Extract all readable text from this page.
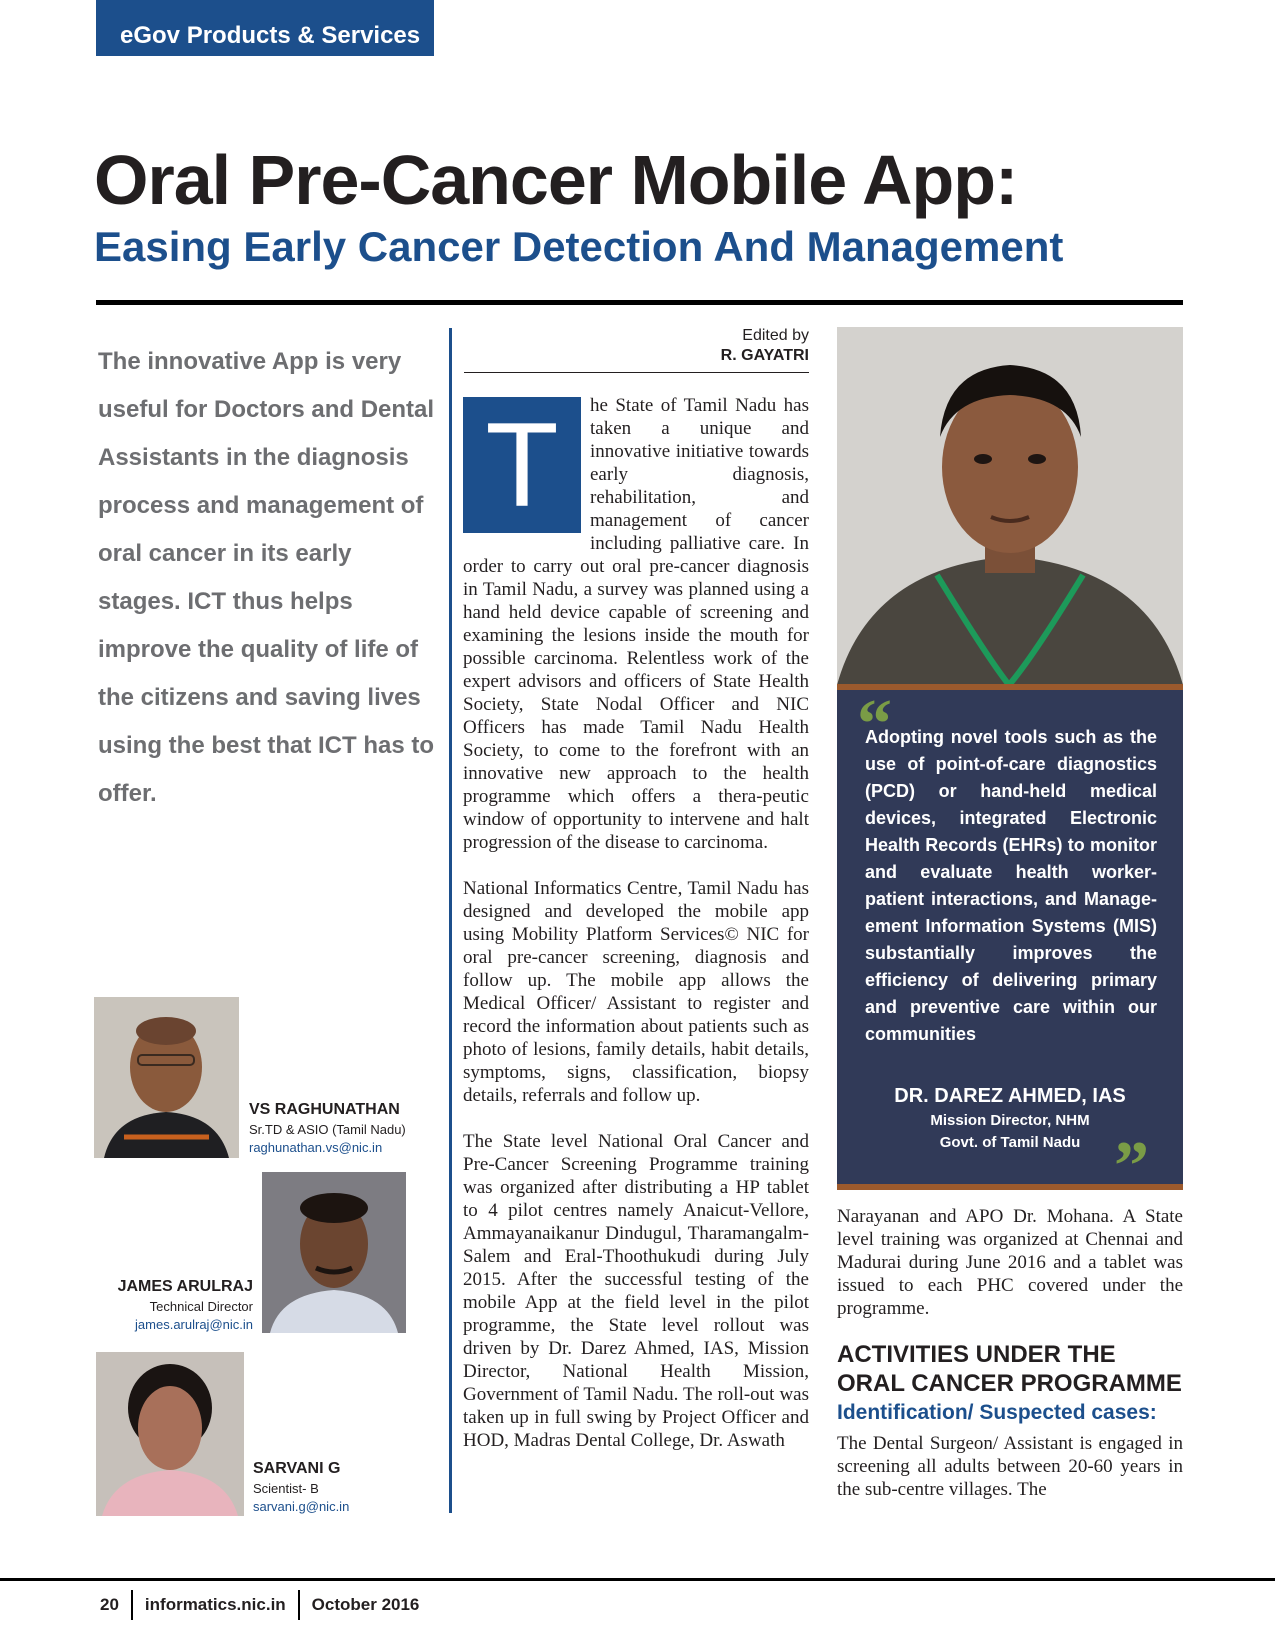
eGov Products & Services
Oral Pre-Cancer Mobile App:
Easing Early Cancer Detection And Management
The innovative App is very useful for Doctors and Dental Assistants in the diagnosis process and management of oral cancer in its early stages. ICT thus helps improve the quality of life of the citizens and saving lives using the best that ICT has to offer.
VS RAGHUNATHAN
Sr.TD & ASIO (Tamil Nadu)
raghunathan.vs@nic.in
JAMES ARULRAJ
Technical Director
james.arulraj@nic.in
SARVANI G
Scientist- B
sarvani.g@nic.in
Edited by
R. GAYATRI

T	he State of Tamil Nadu has taken a unique and innovative initiative towards early diagnosis, rehabilitation, and management of cancer including palliative care. In order to carry out oral pre-cancer diagnosis in Tamil Nadu, a survey was planned using a hand held device capable of screening and examining the lesions inside the mouth for possible carcinoma. Relentless work of the expert advisors and officers of State Health Society, State Nodal Officer and NIC Officers has made Tamil Nadu Health Society, to come to the forefront with an innovative new approach to the health programme which offers a thera-peutic window of opportunity to intervene and halt progression of the disease to carcinoma.

National Informatics Centre, Tamil Nadu has designed and developed the mobile app using Mobility Platform Services© NIC for oral pre-cancer screening, diagnosis and follow up. The mobile app allows the Medical Officer/ Assistant to register and record the information about patients such as photo of lesions, family details, habit details, symptoms, signs, classification, biopsy details, referrals and follow up.

The State level National Oral Cancer and Pre-Cancer Screening Programme training was organized after distributing a HP tablet to 4 pilot centres namely Anaicut-Vellore, Ammayanaikanur Dindugul, Tharamangalm-Salem and Eral-Thoothukudi during July 2015. After the successful testing of the mobile App at the field level in the pilot programme, the State level rollout was driven by Dr. Darez Ahmed, IAS, Mission Director, National Health Mission, Government of Tamil Nadu. The roll-out was taken up in full swing by Project Officer and HOD, Madras Dental College, Dr. Aswath

“
Adopting novel tools such as the use of point-of-care diagnostics (PCD) or hand-held medical devices, integrated Electronic Health Records (EHRs) to monitor and evaluate health worker-patient interactions, and Manage-ement Information Systems (MIS) substantially improves the efficiency of delivering primary and preventive care within our communities
DR. DAREZ AHMED, IAS
Mission Director, NHM
Govt. of Tamil Nadu ”

Narayanan and APO Dr. Mohana. A State level training was organized at Chennai and Madurai during June 2016 and a tablet was issued to each PHC covered under the programme.

ACTIVITIES UNDER THE ORAL CANCER PROGRAMME
Identification/ Suspected cases:

The Dental Surgeon/ Assistant is engaged in screening all adults between 20-60 years in the sub-centre villages. The

20 informatics.nic.in October 2016
